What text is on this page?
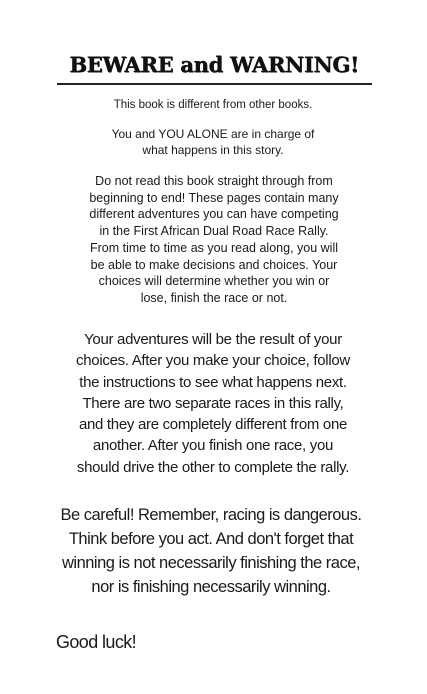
BEWARE and WARNING!
This book is different from other books.
You and YOU ALONE are in charge of
what happens in this story.
Do not read this book straight through from
beginning to end! These pages contain many
different adventures you can have competing
in the First African Dual Road Race Rally.
From time to time as you read along, you will
be able to make decisions and choices. Your
choices will determine whether you win or
lose, finish the race or not.
Your adventures will be the result of your
choices. After you make your choice, follow
the instructions to see what happens next.
There are two separate races in this rally,
and they are completely different from one
another. After you finish one race, you
should drive the other to complete the rally.
Be careful! Remember, racing is dangerous.
Think before you act. And don't forget that
winning is not necessarily finishing the race,
nor is finishing necessarily winning.
Good luck!
